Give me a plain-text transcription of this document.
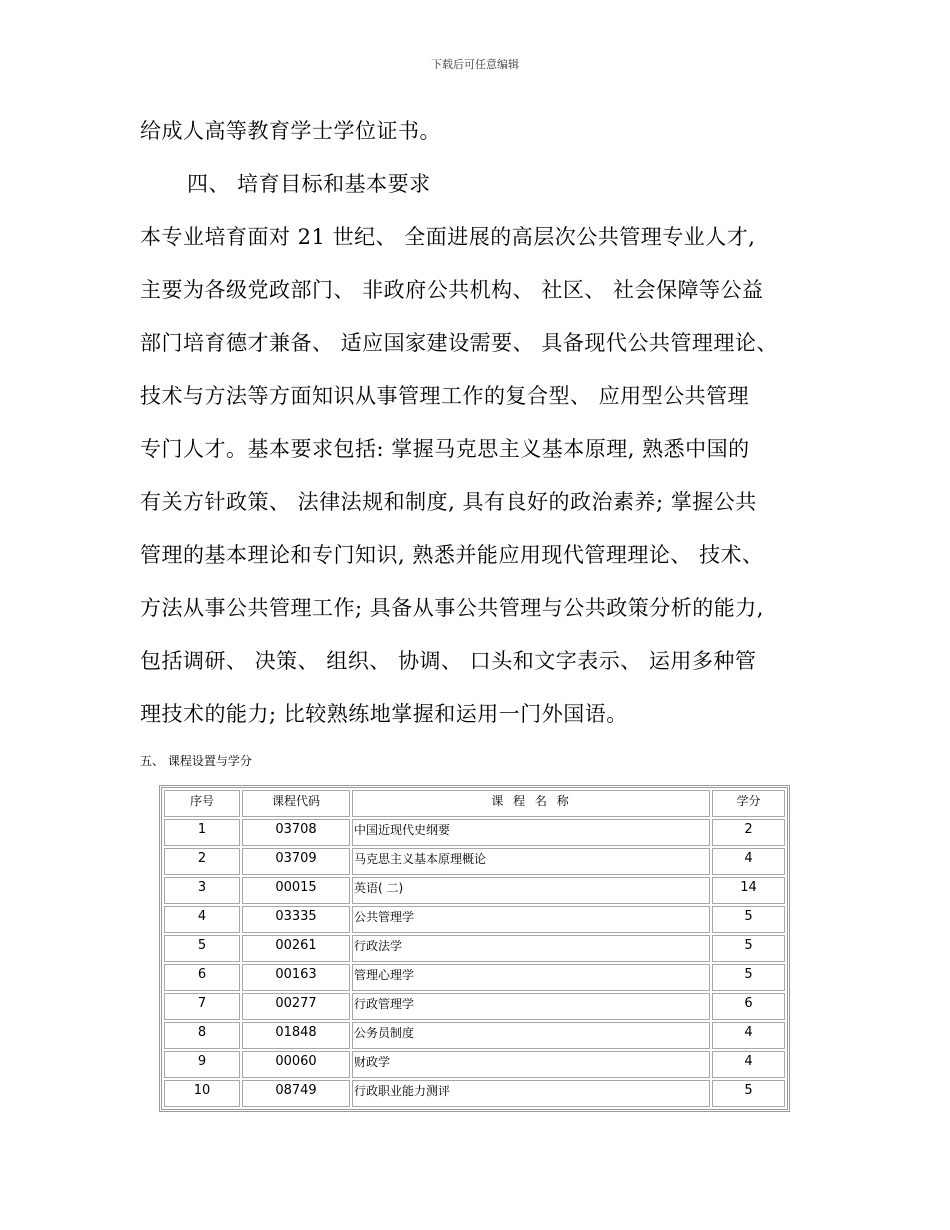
下载后可任意编辑
给成人高等教育学士学位证书。
四、 培育目标和基本要求
本专业培育面对 21 世纪、 全面进展的高层次公共管理专业人才,
主要为各级党政部门、 非政府公共机构、 社区、 社会保障等公益
部门培育德才兼备、 适应国家建设需要、 具备现代公共管理理论、
技术与方法等方面知识从事管理工作的复合型、 应用型公共管理
专门人才。基本要求包括: 掌握马克思主义基本原理, 熟悉中国的
有关方针政策、 法律法规和制度, 具有良好的政治素养; 掌握公共
管理的基本理论和专门知识, 熟悉并能应用现代管理理论、 技术、
方法从事公共管理工作; 具备从事公共管理与公共政策分析的能力,
包括调研、 决策、 组织、 协调、 口头和文字表示、 运用多种管
理技术的能力; 比较熟练地掌握和运用一门外国语。
五、 课程设置与学分
序号	课程代码	课 程 名 称	学分
1	03708	中国近现代史纲要	2
2	03709	马克思主义基本原理概论	4
3	00015	英语( 二)	14
4	03335	公共管理学	5
5	00261	行政法学	5
6	00163	管理心理学	5
7	00277	行政管理学	6
8	01848	公务员制度	4
9	00060	财政学	4
10	08749	行政职业能力测评	5
